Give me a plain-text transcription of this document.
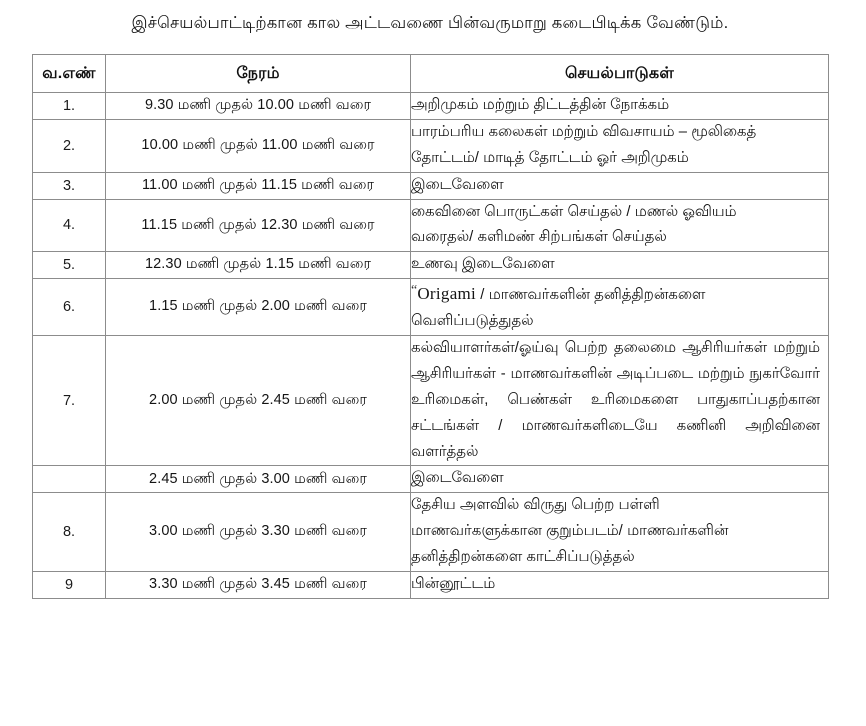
இச்செயல்பாட்டிற்கான கால அட்டவணை பின்வருமாறு கடைபிடிக்க வேண்டும்.
வ.எண்	நேரம்	செயல்பாடுகள்
1.	9.30 மணி முதல் 10.00 மணி வரை	அறிமுகம் மற்றும் திட்டத்தின் நோக்கம்

2.	10.00 மணி முதல் 11.00 மணி வரை	பாரம்பரிய கலைகள் மற்றும் விவசாயம் – மூலிகைத்
தோட்டம்/ மாடித் தோட்டம் ஓர் அறிமுகம்

3.	11.00 மணி முதல் 11.15 மணி வரை	இடைவேளை

4.	11.15 மணி முதல் 12.30 மணி வரை	கைவினை பொருட்கள் செய்தல் / மணல் ஓவியம்
வரைதல்/ களிமண் சிற்பங்கள் செய்தல்

5.	12.30 மணி முதல் 1.15 மணி வரை	உணவு இடைவேளை

6.	1.15 மணி முதல் 2.00 மணி வரை	“Origami / மாணவர்களின் தனித்திறன்களை
வெளிப்படுத்துதல்

7.	2.00 மணி முதல் 2.45 மணி வரை	கல்வியாளர்கள்/ஓய்வு பெற்ற தலைமை ஆசிரியர்கள் மற்றும் ஆசிரியர்கள் - மாணவர்களின் அடிப்படை மற்றும் நுகர்வோர் உரிமைகள், பெண்கள் உரிமைகளை பாதுகாப்பதற்கான சட்டங்கள் / மாணவர்களிடையே கணினி அறிவினை வளர்த்தல்
	2.45 மணி முதல் 3.00 மணி வரை	இடைவேளை

8.	3.00 மணி முதல் 3.30 மணி வரை	தேசிய அளவில் விருது பெற்ற பள்ளி
மாணவர்களுக்கான குறும்படம்/ மாணவர்களின்
தனித்திறன்களை காட்சிப்படுத்தல்

9	3.30 மணி முதல் 3.45 மணி வரை	பின்னூட்டம்
